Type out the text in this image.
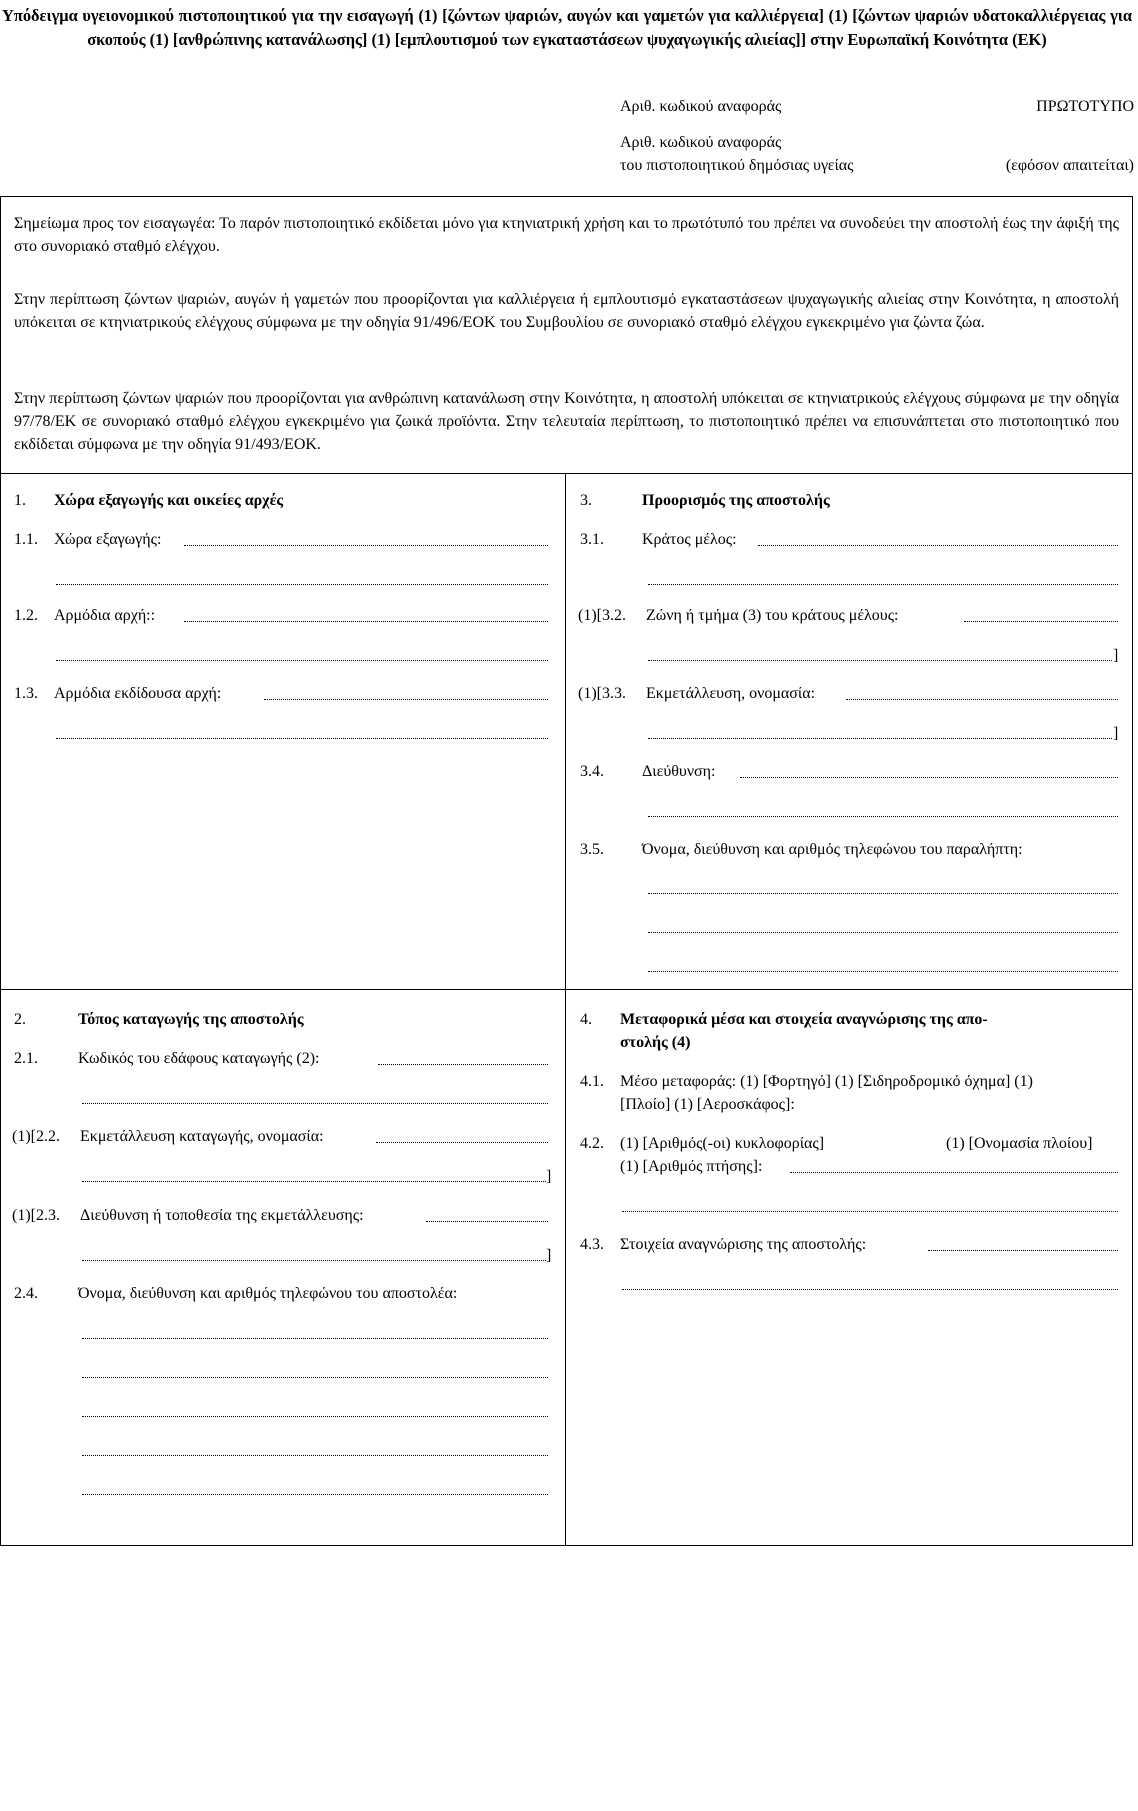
Υπόδειγμα υγειονομικού πιστοποιητικού για την εισαγωγή (1) [ζώντων ψαριών, αυγών και γαμετών για καλλιέργεια] (1) [ζώντων ψαριών υδατοκαλλιέργειας για σκοπούς (1) [ανθρώπινης κατανάλωσης] (1) [εμπλουτισμού των εγκαταστάσεων ψυχαγωγικής αλιείας]] στην Ευρωπαϊκή Κοινότητα (ΕΚ)
Αριθ. κωδικού αναφοράς	ΠΡΩΤΟΤΥΠΟ
Αριθ. κωδικού αναφοράς
του πιστοποιητικού δημόσιας υγείας	(εφόσον απαιτείται)
Σημείωμα προς τον εισαγωγέα: Το παρόν πιστοποιητικό εκδίδεται μόνο για κτηνιατρική χρήση και το πρωτότυπό του πρέπει να συνοδεύει την αποστολή έως την άφιξή της στο συνοριακό σταθμό ελέγχου.
Στην περίπτωση ζώντων ψαριών, αυγών ή γαμετών που προορίζονται για καλλιέργεια ή εμπλουτισμό εγκαταστάσεων ψυχαγωγικής αλιείας στην Κοινότητα, η αποστολή υπόκειται σε κτηνιατρικούς ελέγχους σύμφωνα με την οδηγία 91/496/ΕΟΚ του Συμβουλίου σε συνοριακό σταθμό ελέγχου εγκεκριμένο για ζώντα ζώα.
Στην περίπτωση ζώντων ψαριών που προορίζονται για ανθρώπινη κατανάλωση στην Κοινότητα, η αποστολή υπόκειται σε κτηνιατρικούς ελέγχους σύμφωνα με την οδηγία 97/78/ΕΚ σε συνοριακό σταθμό ελέγχου εγκεκριμένο για ζωικά προϊόντα. Στην τελευταία περίπτωση, το πιστοποιητικό πρέπει να επισυνάπτεται στο πιστοποιητικό που εκδίδεται σύμφωνα με την οδηγία 91/493/ΕΟΚ.
1. Χώρα εξαγωγής και οικείες αρχές
1.1. Χώρα εξαγωγής:
1.2. Αρμόδια αρχή::
1.3. Αρμόδια εκδίδουσα αρχή:
3.	Προορισμός της αποστολής
3.1. Κράτος μέλος:
(1)[3.2. Ζώνη ή τμήμα (3) του κράτους μέλους:
]
(1)[3.3. Εκμετάλλευση, ονομασία:
]
3.4. Διεύθυνση:
3.5. Όνομα, διεύθυνση και αριθμός τηλεφώνου του παραλήπτη:
2.	Τόπος καταγωγής της αποστολής
2.1.	Κωδικός του εδάφους καταγωγής (2):
(1)[2.2. Εκμετάλλευση καταγωγής, ονομασία:
]
(1)[2.3. Διεύθυνση ή τοποθεσία της εκμετάλλευσης:
]
2.4.	Όνομα, διεύθυνση και αριθμός τηλεφώνου του αποστολέα:
4. Μεταφορικά μέσα και στοιχεία αναγνώρισης της απο-
στολής (4)
4.1. Μέσο μεταφοράς: (1) [Φορτηγό] (1) [Σιδηροδρομικό όχημα] (1)
[Πλοίο] (1) [Αεροσκάφος]:
4.2. (1) [Αριθμός(-οι) κυκλοφορίας]	(1) [Ονομασία πλοίου]
(1) [Αριθμός πτήσης]:
4.3. Στοιχεία αναγνώρισης της αποστολής:
